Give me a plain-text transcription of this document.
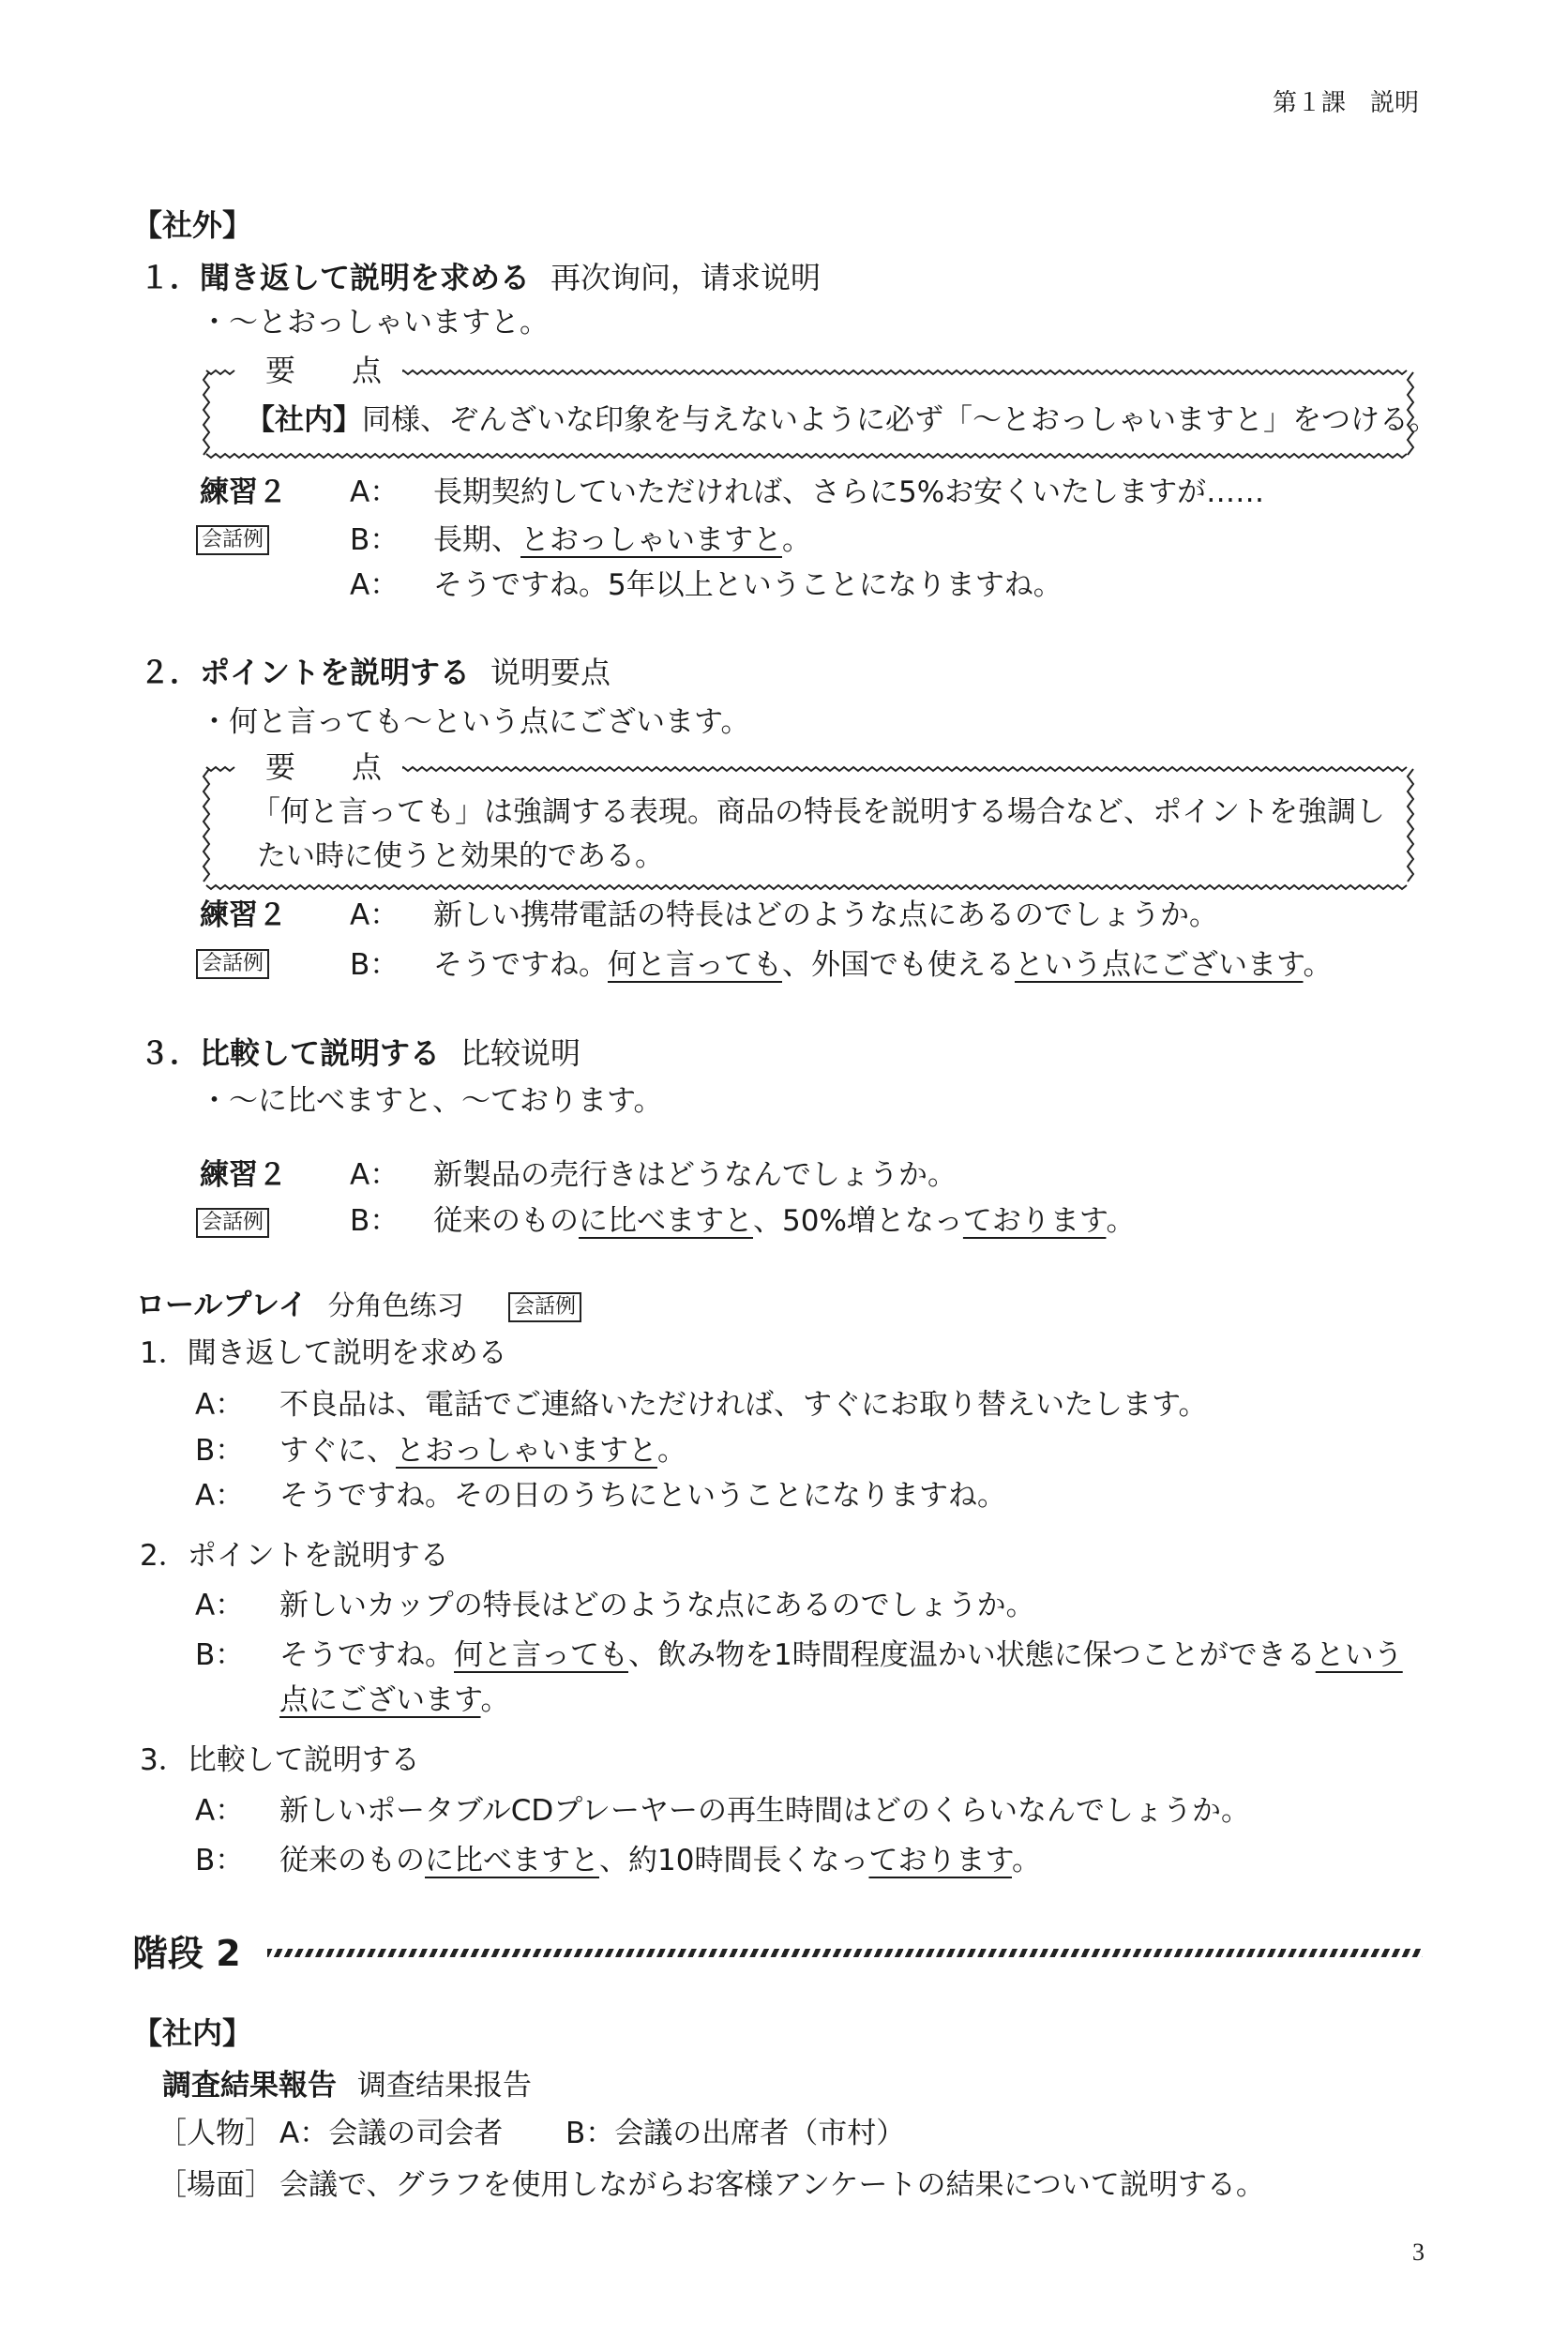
第１課　説明
【社外】
１．聞き返して説明を求める 再次询问，请求说明
・～とおっしゃいますと。
要　点
【社内】同様、ぞんざいな印象を与えないように必ず「～とおっしゃいますと」をつける。
練習２
会話例
A： 長期契約していただければ、さらに5%お安くいたしますが……
B： 長期、とおっしゃいますと。
A： そうですね。5年以上ということになりますね。
２．ポイントを説明する 说明要点
・何と言っても～という点にございます。
要　点
「何と言っても」は強調する表現。商品の特長を説明する場合など、ポイントを強調し
たい時に使うと効果的である。
練習２
会話例
A： 新しい携帯電話の特長はどのような点にあるのでしょうか。
B： そうですね。何と言っても、外国でも使えるという点にございます。
３．比較して説明する 比较说明
・～に比べますと、～ております。
練習２
会話例
A： 新製品の売行きはどうなんでしょうか。
B： 従来のものに比べますと、50%増となっております。
ロールプレイ 分角色练习 会話例
1．聞き返して説明を求める
A： 不良品は、電話でご連絡いただければ、すぐにお取り替えいたします。
B： すぐに、とおっしゃいますと。
A： そうですね。その日のうちにということになりますね。
2．ポイントを説明する
A： 新しいカップの特長はどのような点にあるのでしょうか。
B： そうですね。何と言っても、飲み物を1時間程度温かい状態に保つことができるという
点にございます。
3．比較して説明する
A： 新しいポータブルCDプレーヤーの再生時間はどのくらいなんでしょうか。
B： 従来のものに比べますと、約10時間長くなっております。
階段 2
【社内】
調査結果報告 调查结果报告
［人物］ A：会議の司会者 B：会議の出席者（市村）
［場面］ 会議で、グラフを使用しながらお客様アンケートの結果について説明する。
3
